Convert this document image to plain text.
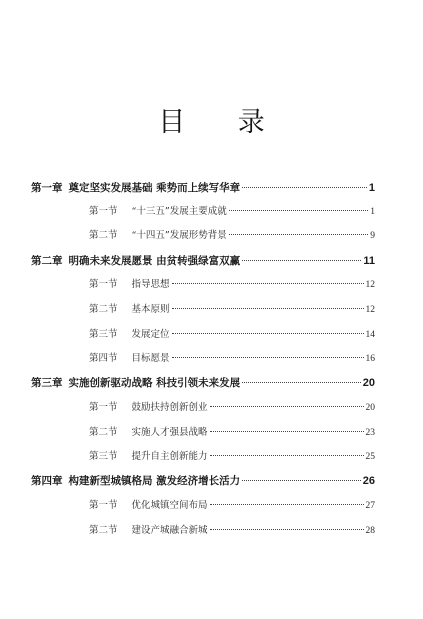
目 录
第一章 奠定坚实发展基础 乘势而上续写华章	1
第一节 “十三五”发展主要成就	1
第二节 “十四五”发展形势背景	9
第二章 明确未来发展愿景 由贫转强绿富双赢	11
第一节 指导思想	12
第二节 基本原则	12
第三节 发展定位	14
第四节 目标愿景	16
第三章 实施创新驱动战略 科技引领未来发展	20
第一节 鼓励扶持创新创业	20
第二节 实施人才强县战略	23
第三节 提升自主创新能力	25
第四章 构建新型城镇格局 激发经济增长活力	26
第一节 优化城镇空间布局	27
第二节 建设产城融合新城	28
